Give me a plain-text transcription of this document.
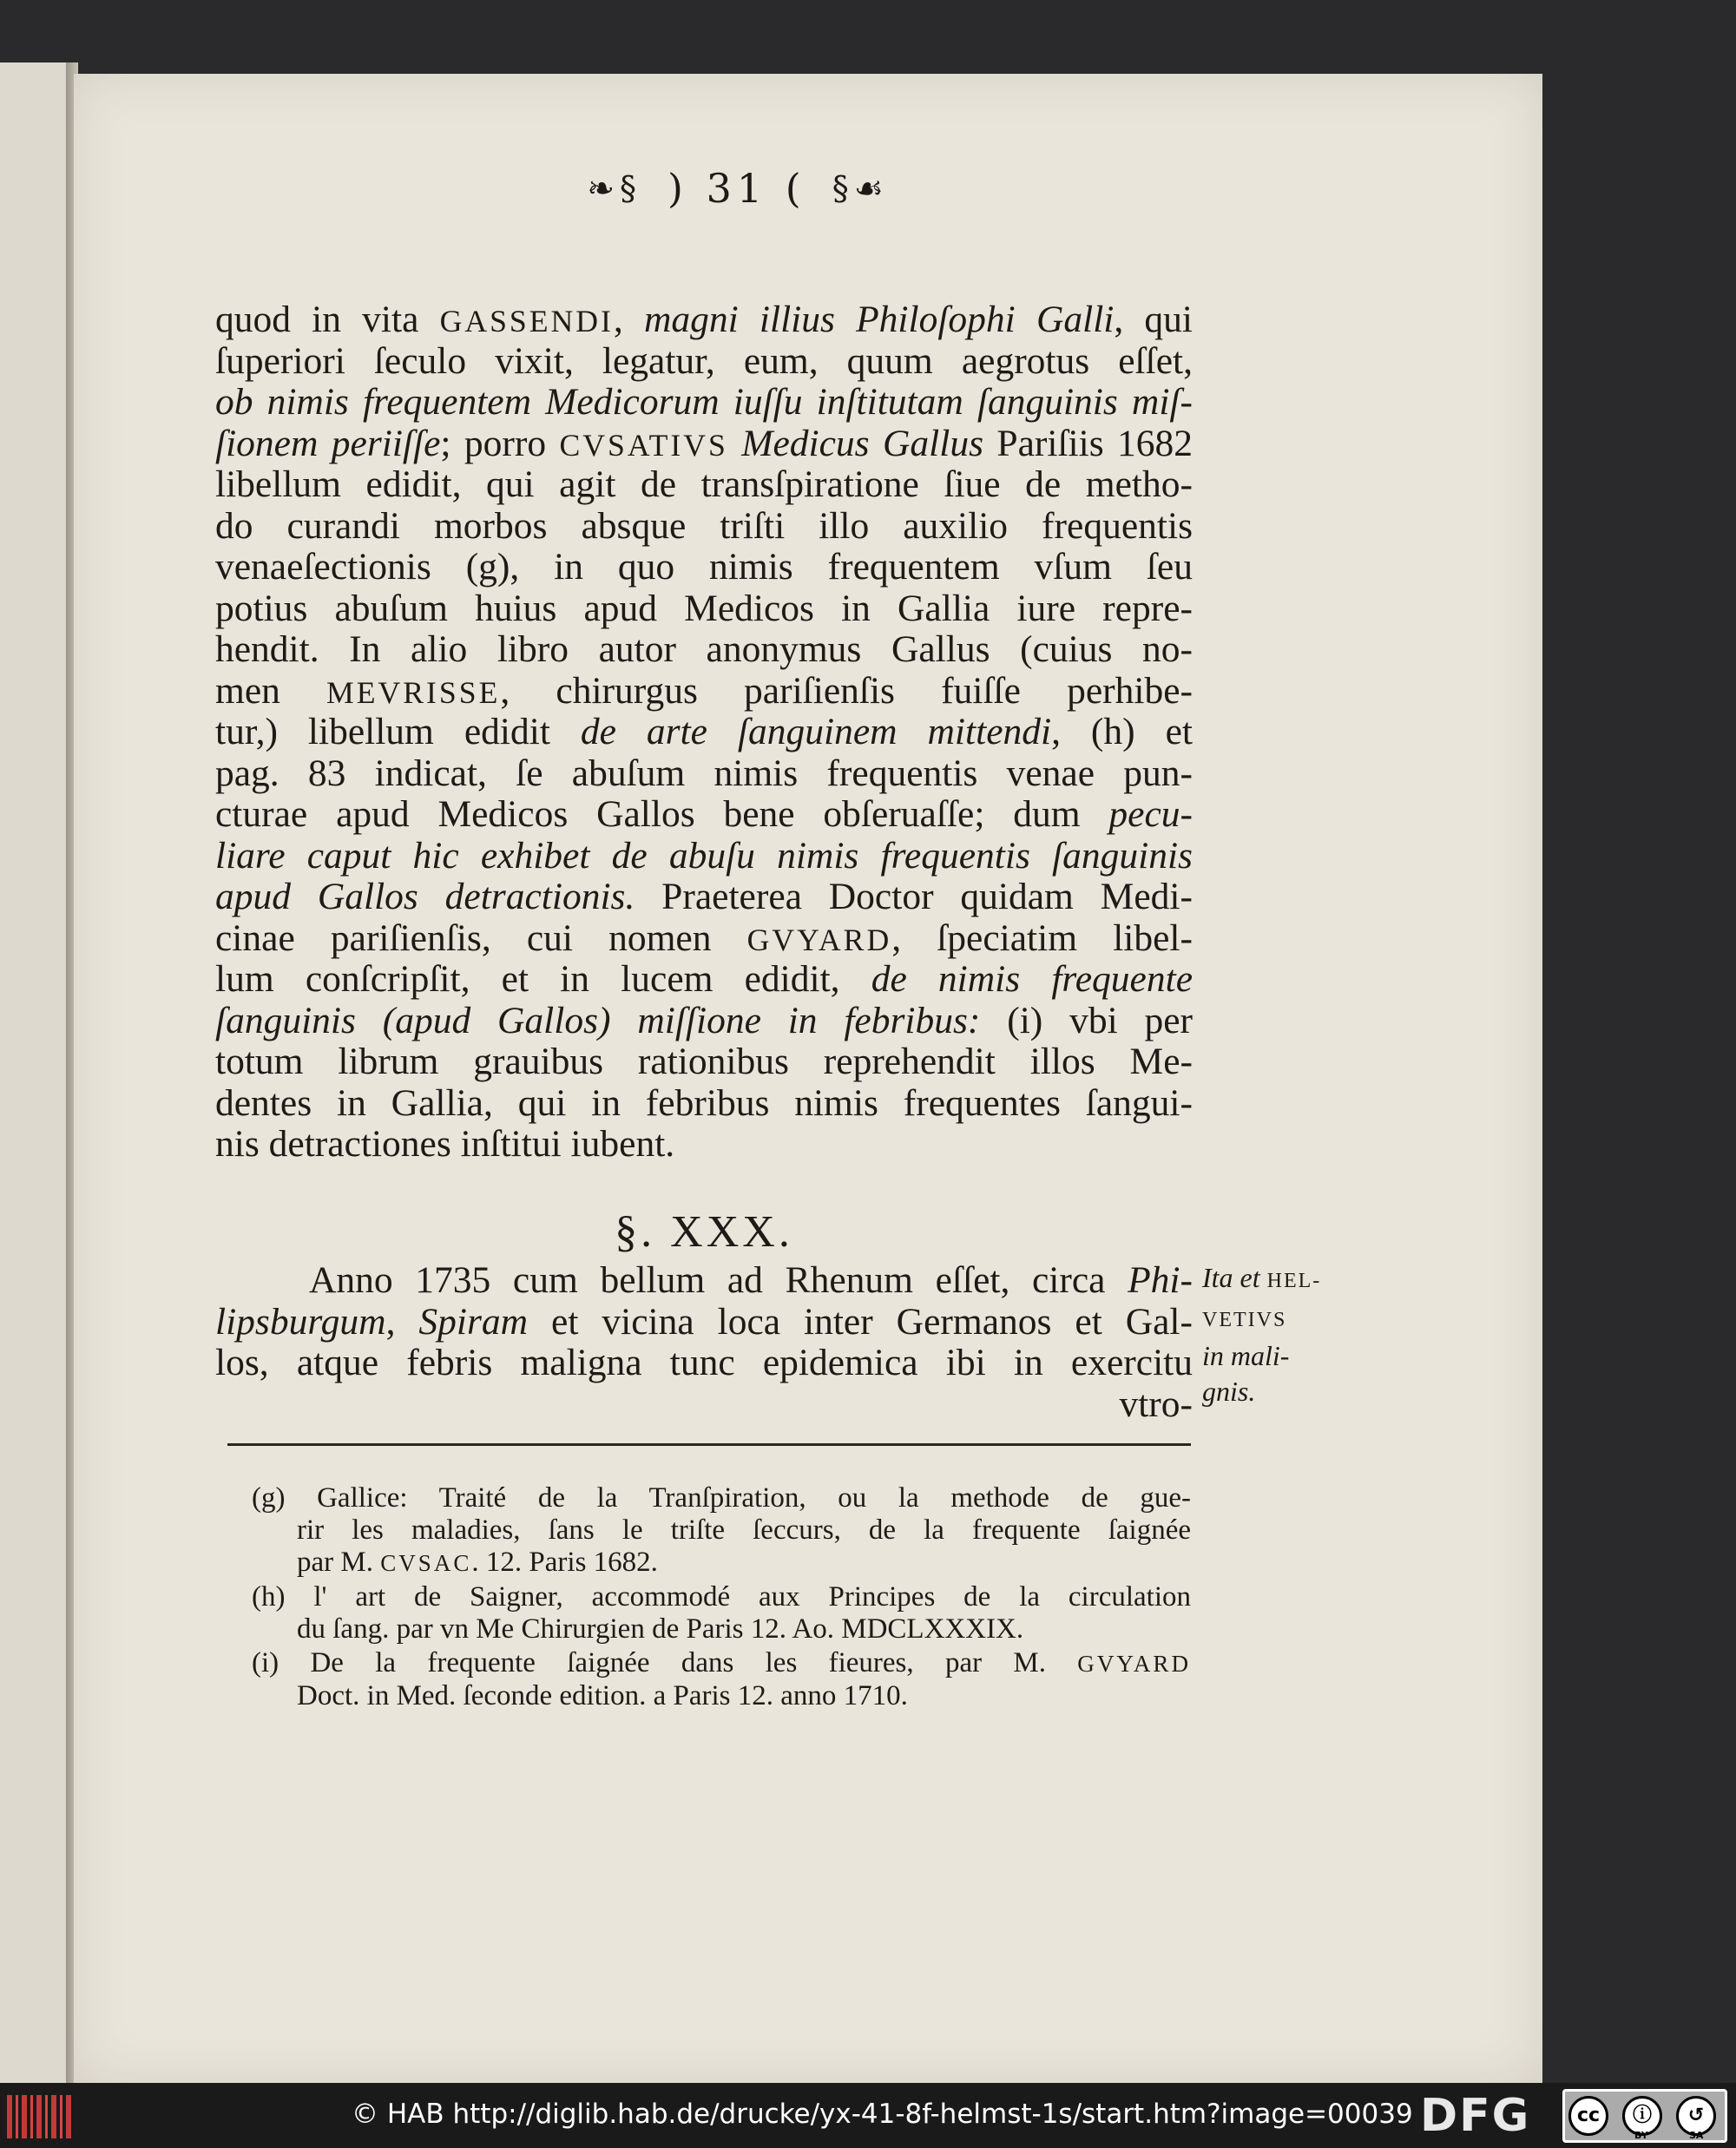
❧§ ) 31 ( §☙
quod in vita GASSENDI, magni illius Philoſophi Galli, qui
ſuperiori ſeculo vixit, legatur, eum, quum aegrotus eſſet,
ob nimis frequentem Medicorum iuſſu inſtitutam ſanguinis miſ-
ſionem periiſſe; porro CVSATIVS Medicus Gallus Pariſiis 1682
libellum edidit, qui agit de transſpiratione ſiue de metho-
do curandi morbos absque triſti illo auxilio frequentis
venaeſectionis (g), in quo nimis frequentem vſum ſeu
potius abuſum huius apud Medicos in Gallia iure repre-
hendit. In alio libro autor anonymus Gallus (cuius no-
men MEVRISSE, chirurgus pariſienſis fuiſſe perhibe-
tur,) libellum edidit de arte ſanguinem mittendi, (h) et
pag. 83 indicat, ſe abuſum nimis frequentis venae pun-
cturae apud Medicos Gallos bene obſeruaſſe; dum pecu-
liare caput hic exhibet de abuſu nimis frequentis ſanguinis
apud Gallos detractionis. Praeterea Doctor quidam Medi-
cinae pariſienſis, cui nomen GVYARD, ſpeciatim libel-
lum conſcripſit, et in lucem edidit, de nimis frequente
ſanguinis (apud Gallos) miſſione in febribus: (i) vbi per
totum librum grauibus rationibus reprehendit illos Me-
dentes in Gallia, qui in febribus nimis frequentes ſangui-
nis detractiones inſtitui iubent.
§. XXX.
Anno 1735 cum bellum ad Rhenum eſſet, circa Phi-
lipsburgum, Spiram et vicina loca inter Germanos et Gal-
los, atque febris maligna tunc epidemica ibi in exercitu
vtro-
Ita et HEL-
VETIVS
in mali-
gnis.
(g) Gallice: Traité de la Tranſpiration, ou la methode de gue-
rir les maladies, ſans le triſte ſeccurs, de la frequente ſaignée
par M. CVSAC. 12. Paris 1682.
(h) l' art de Saigner, accommodé aux Principes de la circulation
du ſang. par vn Me Chirurgien de Paris 12. Ao. MDCLXXXIX.
(i) De la frequente ſaignée dans les fieures, par M. GVYARD
Doct. in Med. ſeconde edition. a Paris 12. anno 1710.
© HAB http://diglib.hab.de/drucke/yx-41-8f-helmst-1s/start.htm?image=00039 DFG	cc	ⓘ	↺
BY	SA
